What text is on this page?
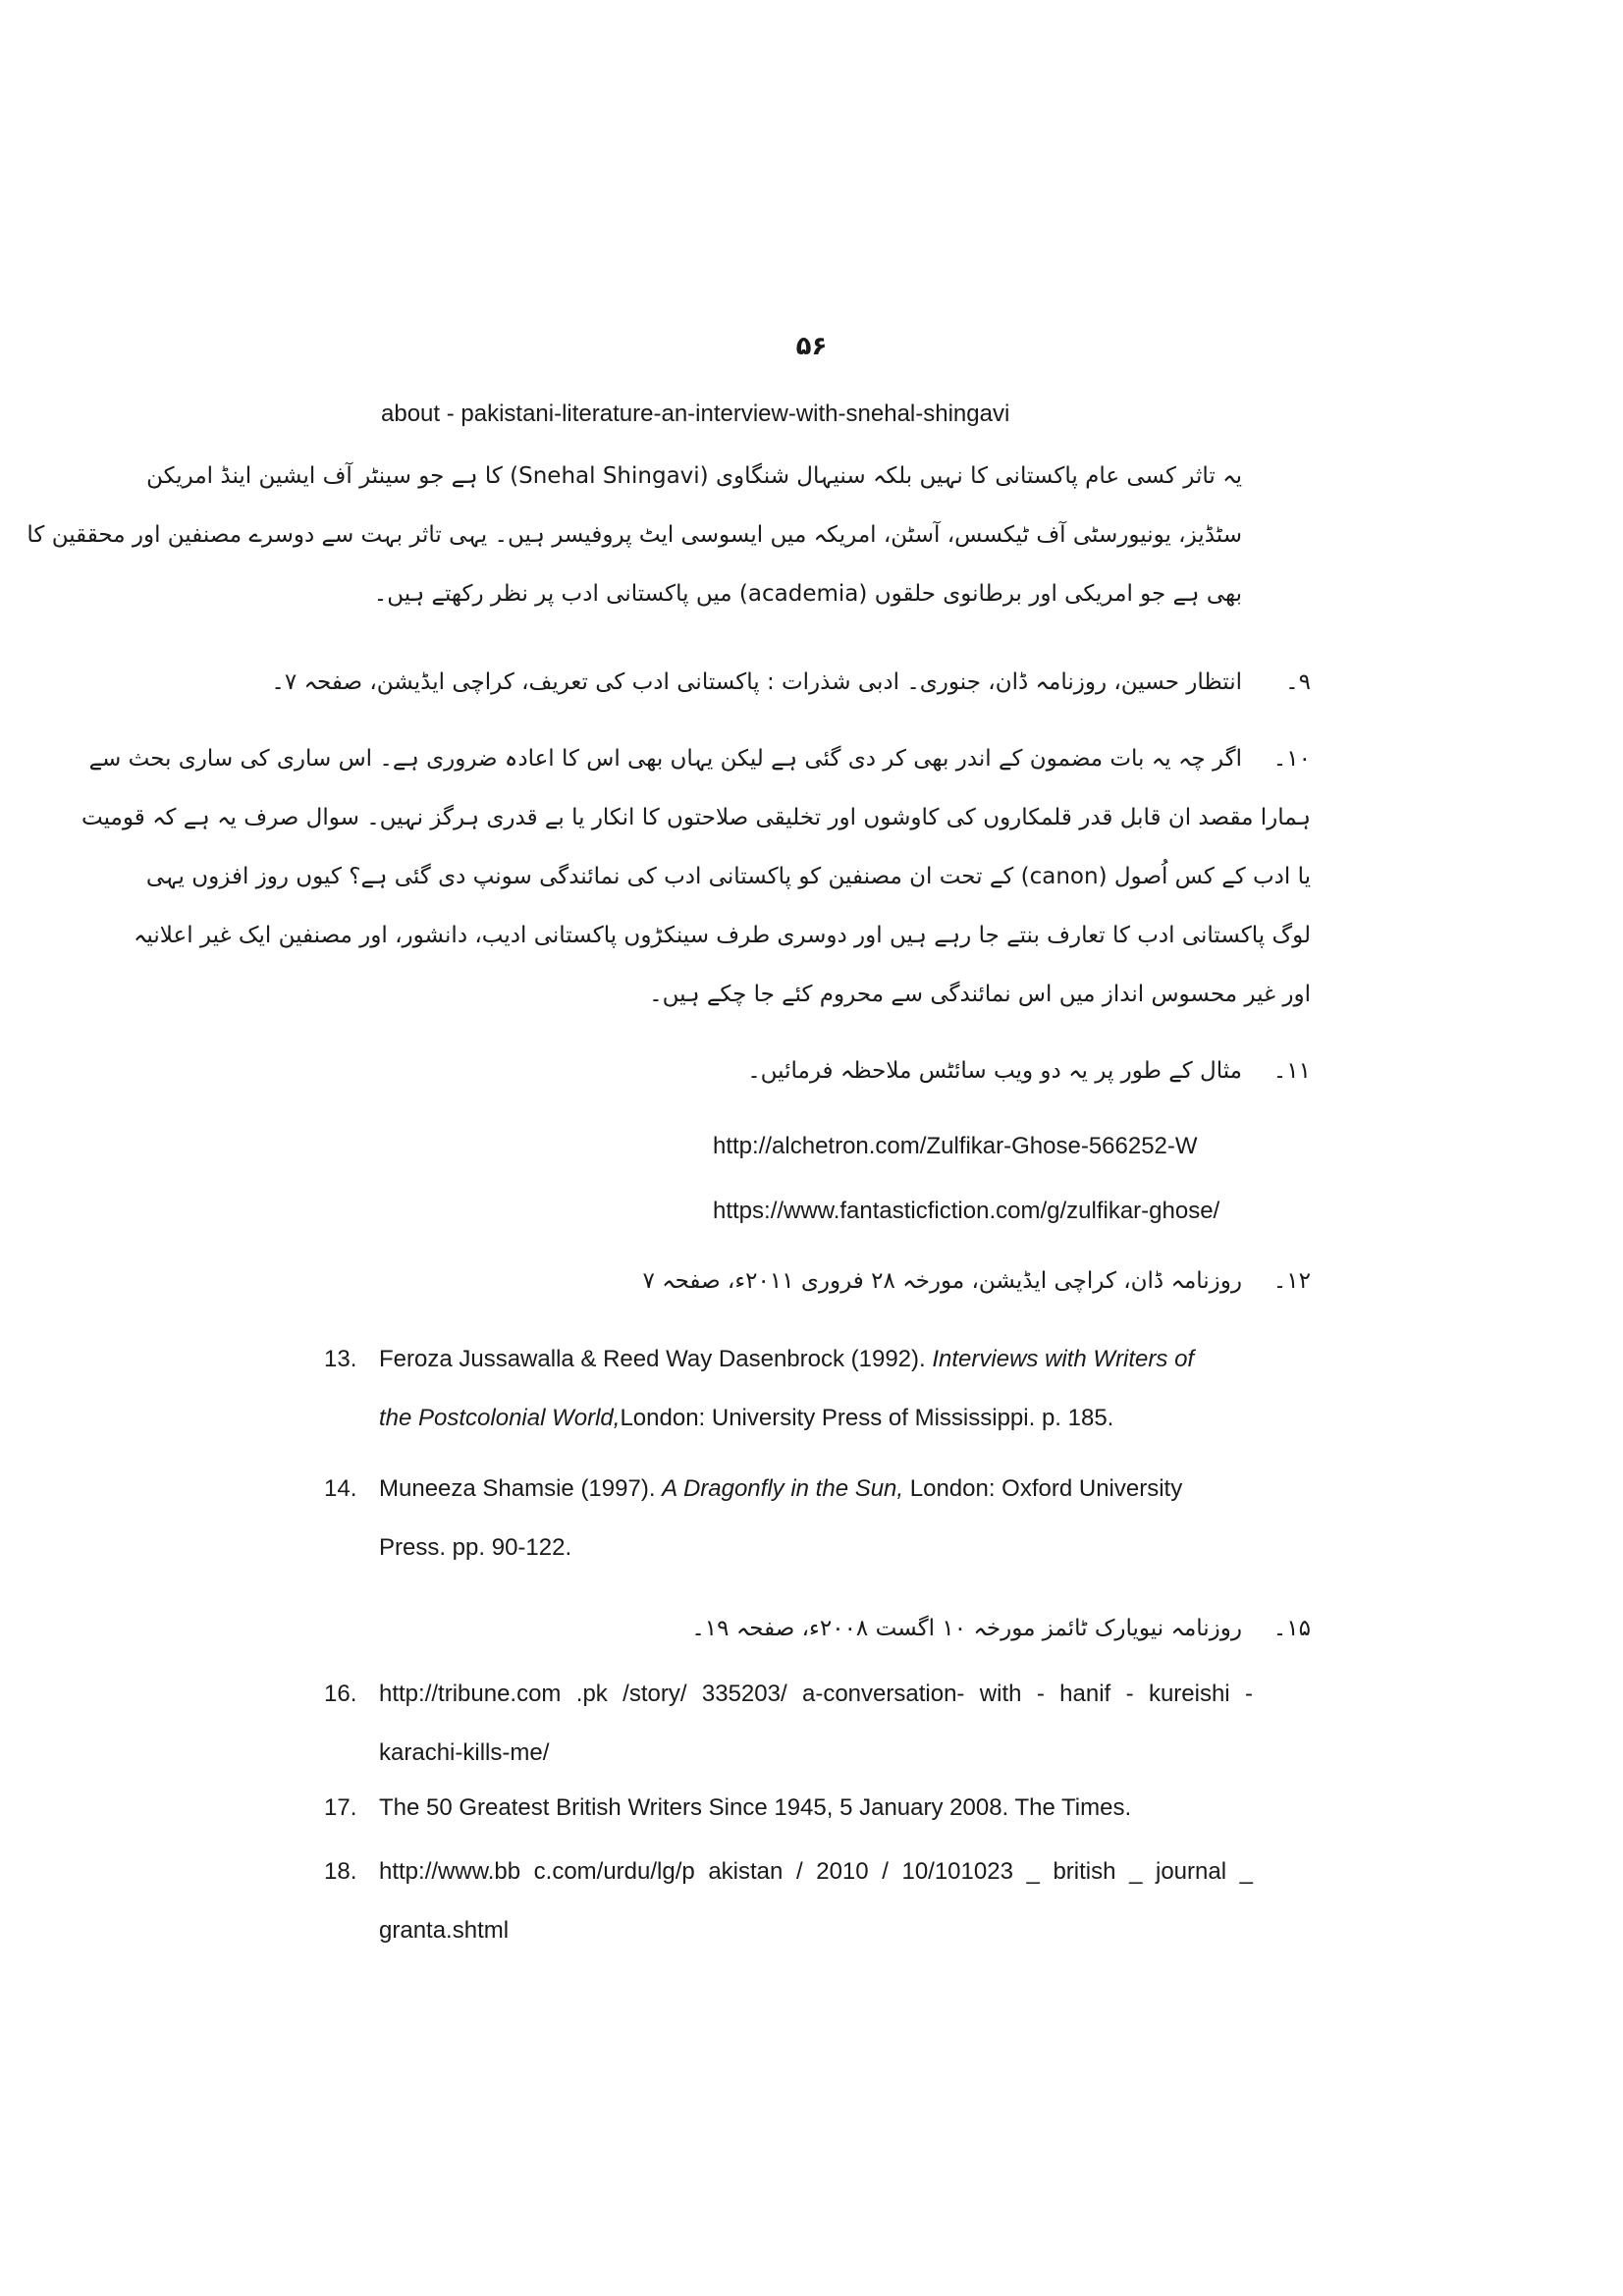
۵۶
about - pakistani-literature-an-interview-with-snehal-shingavi
یہ تاثر کسی عام پاکستانی کا نہیں بلکہ سنیہال شنگاوی (Snehal Shingavi) کا ہے جو سینٹر آف ایشین اینڈ امریکن
سٹڈیز، یونیورسٹی آف ٹیکسس، آسٹن، امریکہ میں ایسوسی ایٹ پروفیسر ہیں۔ یہی تاثر بہت سے دوسرے مصنفین اور محققین کا
بھی ہے جو امریکی اور برطانوی حلقوں (academia) میں پاکستانی ادب پر نظر رکھتے ہیں۔
۹۔
انتظار حسین، روزنامہ ڈان، جنوری۔ ادبی شذرات : پاکستانی ادب کی تعریف، کراچی ایڈیشن، صفحہ ۷۔
۱۰۔
اگر چہ یہ بات مضمون کے اندر بھی کر دی گئی ہے لیکن یہاں بھی اس کا اعادہ ضروری ہے۔ اس ساری کی ساری بحث سے
ہمارا مقصد ان قابل قدر قلمکاروں کی کاوشوں اور تخلیقی صلاحتوں کا انکار یا بے قدری ہرگز نہیں۔ سوال صرف یہ ہے کہ قومیت
یا ادب کے کس اُصول (canon) کے تحت ان مصنفین کو پاکستانی ادب کی نمائندگی سونپ دی گئی ہے؟ کیوں روز افزوں یہی
لوگ پاکستانی ادب کا تعارف بنتے جا رہے ہیں اور دوسری طرف سینکڑوں پاکستانی ادیب، دانشور، اور مصنفین ایک غیر اعلانیہ
اور غیر محسوس انداز میں اس نمائندگی سے محروم کئے جا چکے ہیں۔
۱۱۔
مثال کے طور پر یہ دو ویب سائٹس ملاحظہ فرمائیں۔
http://alchetron.com/Zulfikar-Ghose-566252-W
https://www.fantasticfiction.com/g/zulfikar-ghose/
۱۲۔
روزنامہ ڈان، کراچی ایڈیشن، مورخہ ۲۸ فروری ۲۰۱۱ء، صفحہ ۷
13. Feroza Jussawalla & Reed Way Dasenbrock (1992). Interviews with Writers of
the Postcolonial World,London: University Press of Mississippi. p. 185.
14. Muneeza Shamsie (1997). A Dragonfly in the Sun, London: Oxford University
Press. pp. 90-122.
۱۵۔
روزنامہ نیویارک ٹائمز مورخہ ۱۰ اگست ۲۰۰۸ء، صفحہ ۱۹۔
16. http://tribune.com .pk /story/ 335203/ a-conversation- with - hanif - kureishi -
karachi-kills-me/
17. The 50 Greatest British Writers Since 1945, 5 January 2008. The Times.
18. http://www.bb c.com/urdu/lg/p akistan / 2010 / 10/101023 _ british _ journal _
granta.shtml
